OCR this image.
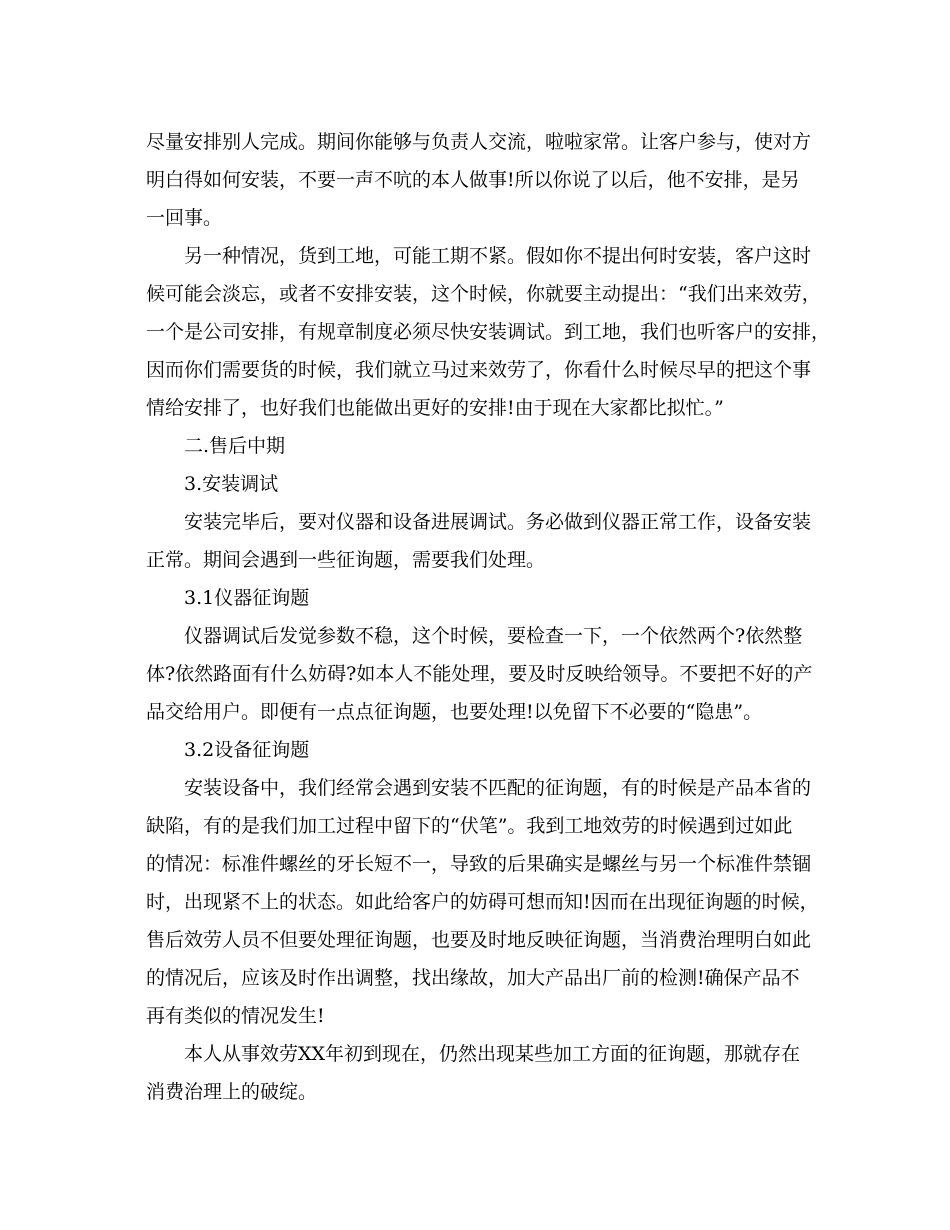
尽量安排别人完成。期间你能够与负责人交流，啦啦家常。让客户参与，使对方
明白得如何安装，不要一声不吭的本人做事!所以你说了以后，他不安排，是另
一回事。
另一种情况，货到工地，可能工期不紧。假如你不提出何时安装，客户这时
候可能会淡忘，或者不安排安装，这个时候，你就要主动提出：“我们出来效劳，
一个是公司安排，有规章制度必须尽快安装调试。到工地，我们也听客户的安排，
因而你们需要货的时候，我们就立马过来效劳了，你看什么时候尽早的把这个事
情给安排了，也好我们也能做出更好的安排!由于现在大家都比拟忙。”
二.售后中期
3.安装调试
安装完毕后，要对仪器和设备进展调试。务必做到仪器正常工作，设备安装
正常。期间会遇到一些征询题，需要我们处理。
3.1仪器征询题
仪器调试后发觉参数不稳，这个时候，要检查一下，一个依然两个?依然整
体?依然路面有什么妨碍?如本人不能处理，要及时反映给领导。不要把不好的产
品交给用户。即便有一点点征询题，也要处理!以免留下不必要的“隐患”。
3.2设备征询题
安装设备中，我们经常会遇到安装不匹配的征询题，有的时候是产品本省的
缺陷，有的是我们加工过程中留下的“伏笔”。我到工地效劳的时候遇到过如此
的情况：标准件螺丝的牙长短不一，导致的后果确实是螺丝与另一个标准件禁锢
时，出现紧不上的状态。如此给客户的妨碍可想而知!因而在出现征询题的时候，
售后效劳人员不但要处理征询题，也要及时地反映征询题，当消费治理明白如此
的情况后，应该及时作出调整，找出缘故，加大产品出厂前的检测!确保产品不
再有类似的情况发生!
本人从事效劳XX年初到现在，仍然出现某些加工方面的征询题，那就存在
消费治理上的破绽。
